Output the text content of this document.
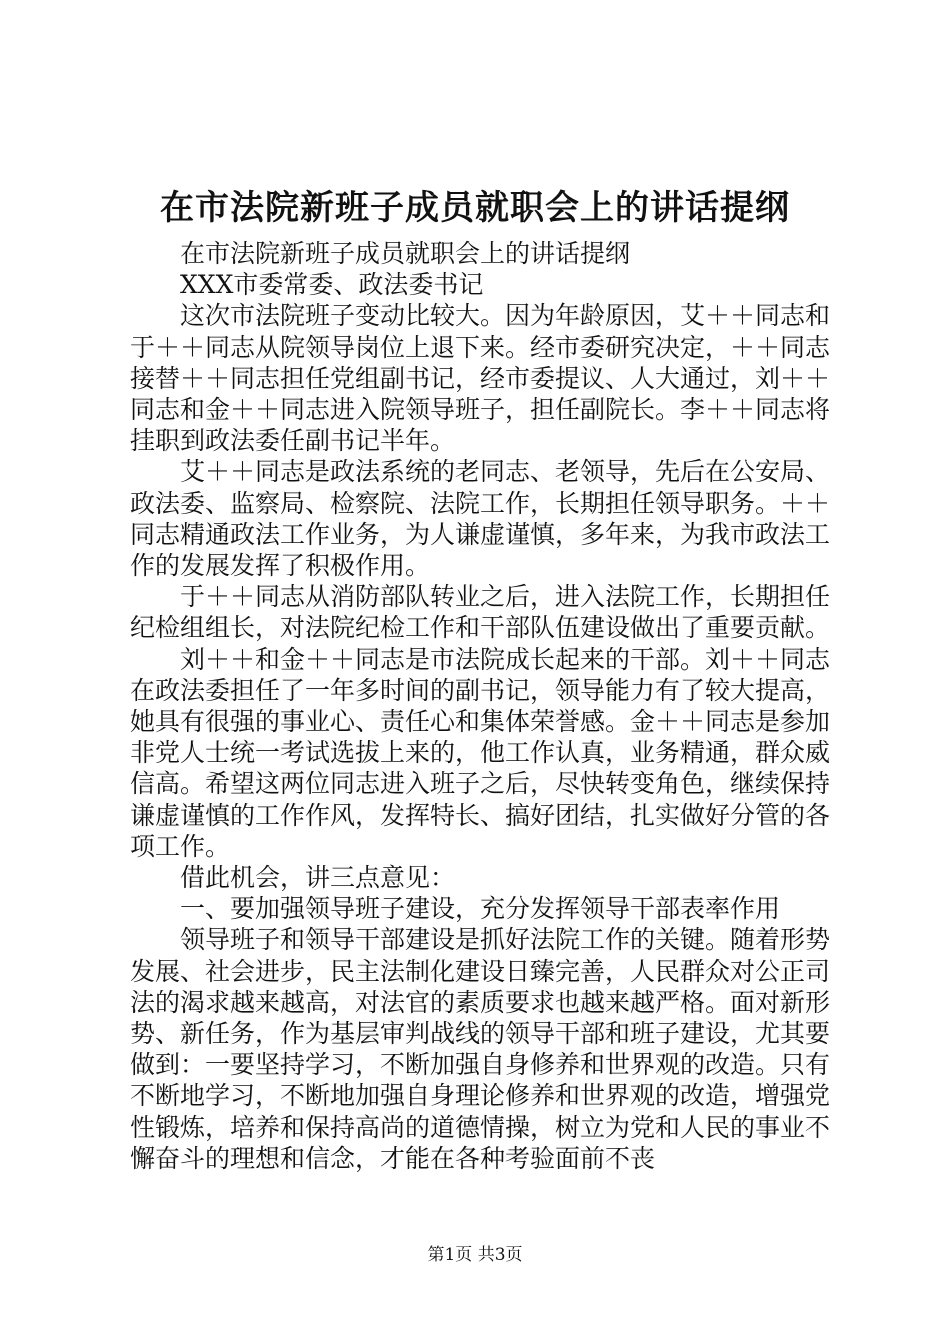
在市法院新班子成员就职会上的讲话提纲

在市法院新班子成员就职会上的讲话提纲

XXX市委常委、政法委书记

这次市法院班子变动比较大。因为年龄原因，艾＋＋同志和于＋＋同志从院领导岗位上退下来。经市委研究决定，＋＋同志接替＋＋同志担任党组副书记，经市委提议、人大通过，刘＋＋同志和金＋＋同志进入院领导班子，担任副院长。李＋＋同志将挂职到政法委任副书记半年。

艾＋＋同志是政法系统的老同志、老领导，先后在公安局、政法委、监察局、检察院、法院工作，长期担任领导职务。＋＋同志精通政法工作业务，为人谦虚谨慎，多年来，为我市政法工作的发展发挥了积极作用。

于＋＋同志从消防部队转业之后，进入法院工作，长期担任纪检组组长，对法院纪检工作和干部队伍建设做出了重要贡献。

刘＋＋和金＋＋同志是市法院成长起来的干部。刘＋＋同志在政法委担任了一年多时间的副书记，领导能力有了较大提高，她具有很强的事业心、责任心和集体荣誉感。金＋＋同志是参加非党人士统一考试选拔上来的，他工作认真，业务精通，群众威信高。希望这两位同志进入班子之后，尽快转变角色，继续保持谦虚谨慎的工作作风，发挥特长、搞好团结，扎实做好分管的各项工作。

借此机会，讲三点意见：

一、要加强领导班子建设，充分发挥领导干部表率作用

领导班子和领导干部建设是抓好法院工作的关键。随着形势发展、社会进步，民主法制化建设日臻完善，人民群众对公正司法的渴求越来越高，对法官的素质要求也越来越严格。面对新形势、新任务，作为基层审判战线的领导干部和班子建设，尤其要做到：一要坚持学习，不断加强自身修养和世界观的改造。只有不断地学习，不断地加强自身理论修养和世界观的改造，增强党性锻炼，培养和保持高尚的道德情操，树立为党和人民的事业不懈奋斗的理想和信念，才能在各种考验面前不丧

第1页 共3页
